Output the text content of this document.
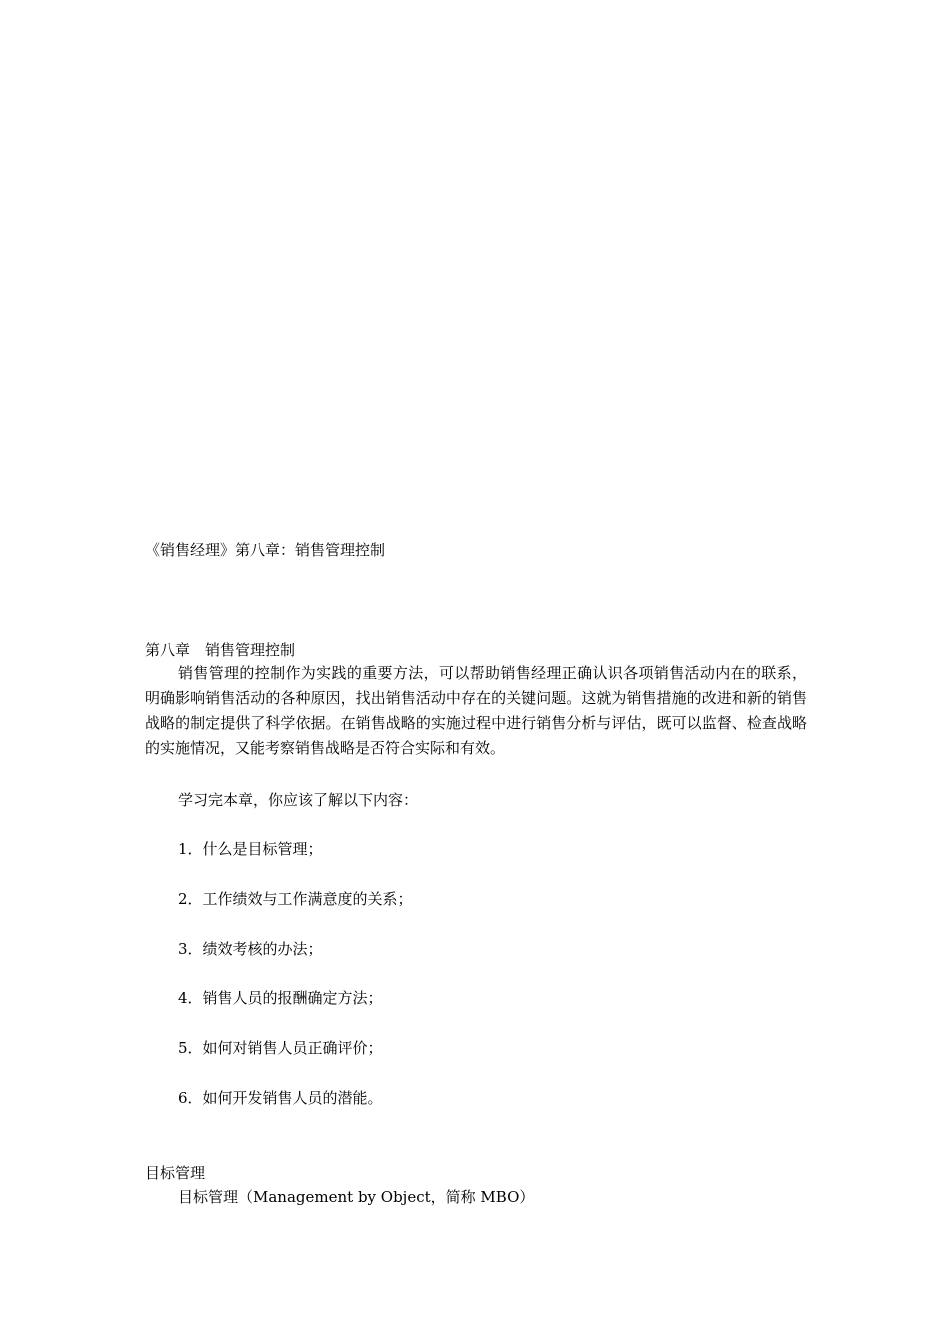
《销售经理》第八章：销售管理控制
第八章　销售管理控制
销售管理的控制作为实践的重要方法，可以帮助销售经理正确认识各项销售活动内在的联系，明确影响销售活动的各种原因，找出销售活动中存在的关键问题。这就为销售措施的改进和新的销售战略的制定提供了科学依据。在销售战略的实施过程中进行销售分析与评估，既可以监督、检查战略的实施情况，又能考察销售战略是否符合实际和有效。
学习完本章，你应该了解以下内容：
1．什么是目标管理；
2．工作绩效与工作满意度的关系；
3．绩效考核的办法；
4．销售人员的报酬确定方法；
5．如何对销售人员正确评价；
6．如何开发销售人员的潜能。
目标管理
目标管理（Management by Object，简称 MBO）
